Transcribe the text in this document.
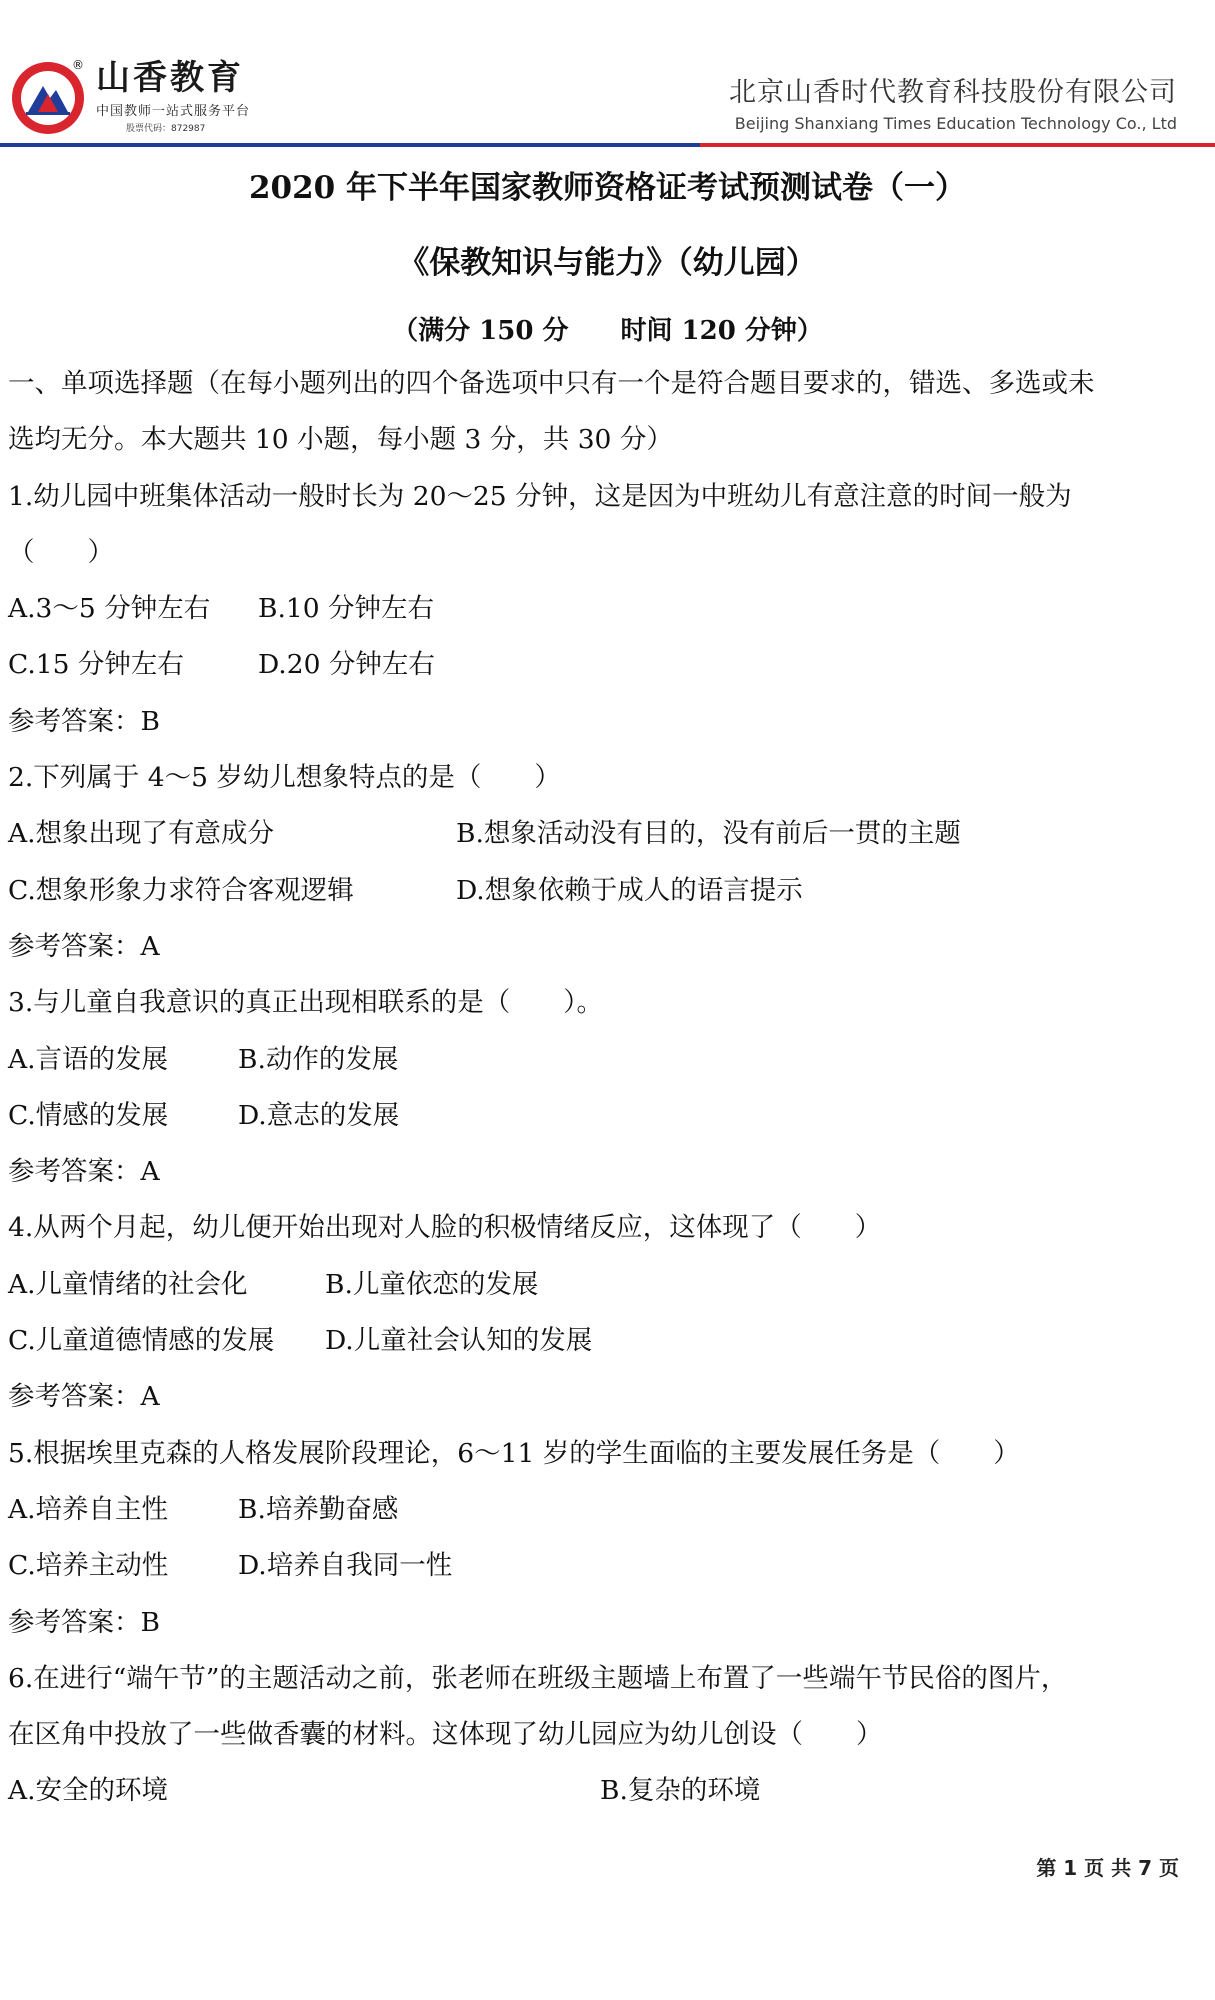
® 山香教育
中国教师一站式服务平台
股票代码：872987
北京山香时代教育科技股份有限公司
Beijing Shanxiang Times Education Technology Co., Ltd
2020 年下半年国家教师资格证考试预测试卷（一）
《保教知识与能力》（幼儿园）
（满分 150 分　　时间 120 分钟）
一、单项选择题（在每小题列出的四个备选项中只有一个是符合题目要求的，错选、多选或未
选均无分。本大题共 10 小题，每小题 3 分，共 30 分）
1.幼儿园中班集体活动一般时长为 20～25 分钟，这是因为中班幼儿有意注意的时间一般为
（　　）
A.3～5 分钟左右 B.10 分钟左右
C.15 分钟左右	D.20 分钟左右
参考答案：B
2.下列属于 4～5 岁幼儿想象特点的是（　　）
A.想象出现了有意成分	B.想象活动没有目的，没有前后一贯的主题
C.想象形象力求符合客观逻辑	D.想象依赖于成人的语言提示
参考答案：A
3.与儿童自我意识的真正出现相联系的是（　　）。
A.言语的发展	B.动作的发展
C.情感的发展	D.意志的发展
参考答案：A
4.从两个月起，幼儿便开始出现对人脸的积极情绪反应，这体现了（　　）
A.儿童情绪的社会化	B.儿童依恋的发展
C.儿童道德情感的发展 D.儿童社会认知的发展
参考答案：A
5.根据埃里克森的人格发展阶段理论，6～11 岁的学生面临的主要发展任务是（　　）
A.培养自主性	B.培养勤奋感
C.培养主动性	D.培养自我同一性
参考答案：B
6.在进行“端午节”的主题活动之前，张老师在班级主题墙上布置了一些端午节民俗的图片，
在区角中投放了一些做香囊的材料。这体现了幼儿园应为幼儿创设（　　）
A.安全的环境	B.复杂的环境
第 1 页 共 7 页
